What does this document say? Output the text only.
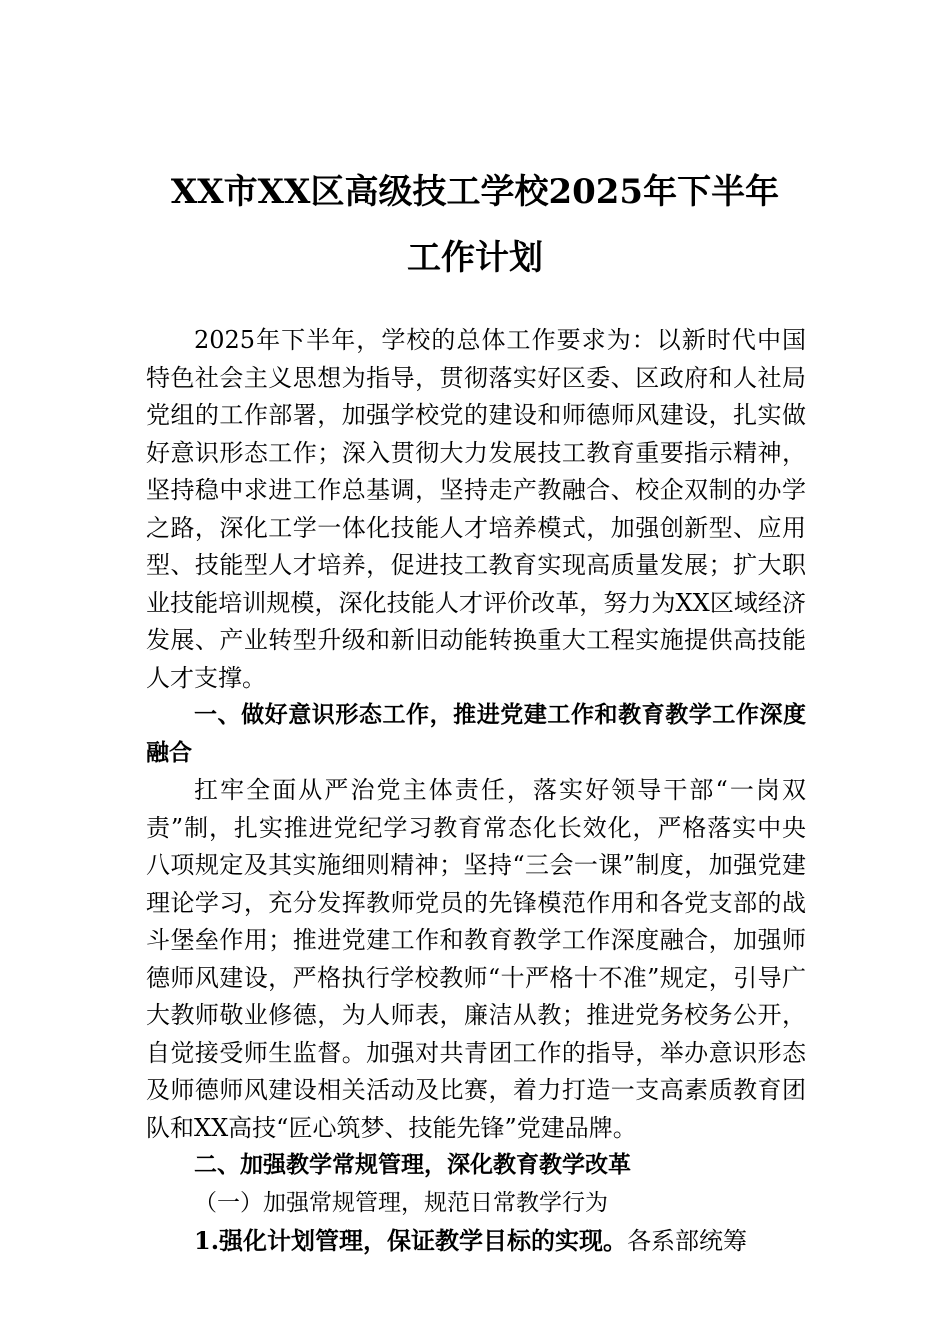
XX市XX区高级技工学校2025年下半年
工作计划

2025年下半年，学校的总体工作要求为：以新时代中国特色社会主义思想为指导，贯彻落实好区委、区政府和人社局党组的工作部署，加强学校党的建设和师德师风建设，扎实做好意识形态工作；深入贯彻大力发展技工教育重要指示精神，坚持稳中求进工作总基调，坚持走产教融合、校企双制的办学之路，深化工学一体化技能人才培养模式，加强创新型、应用型、技能型人才培养，促进技工教育实现高质量发展；扩大职业技能培训规模，深化技能人才评价改革，努力为XX区域经济发展、产业转型升级和新旧动能转换重大工程实施提供高技能人才支撑。

一、做好意识形态工作，推进党建工作和教育教学工作深度融合

扛牢全面从严治党主体责任，落实好领导干部“一岗双责”制，扎实推进党纪学习教育常态化长效化，严格落实中央八项规定及其实施细则精神；坚持“三会一课”制度，加强党建理论学习，充分发挥教师党员的先锋模范作用和各党支部的战斗堡垒作用；推进党建工作和教育教学工作深度融合，加强师德师风建设，严格执行学校教师“十严格十不准”规定，引导广大教师敬业修德，为人师表，廉洁从教；推进党务校务公开，自觉接受师生监督。加强对共青团工作的指导，举办意识形态及师德师风建设相关活动及比赛，着力打造一支高素质教育团队和XX高技“匠心筑梦、技能先锋”党建品牌。

二、加强教学常规管理，深化教育教学改革

（一）加强常规管理，规范日常教学行为

1.强化计划管理，保证教学目标的实现。各系部统筹
